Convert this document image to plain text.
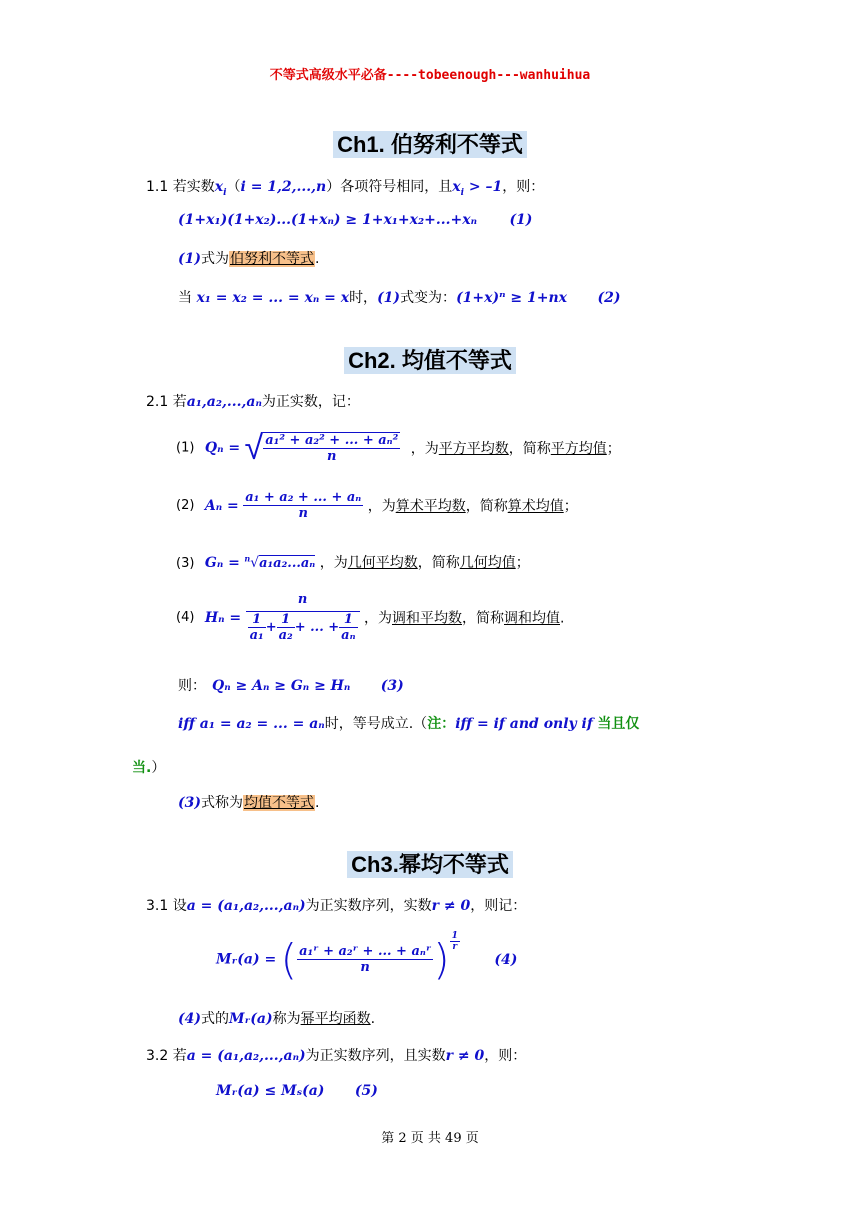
不等式高级水平必备----tobeenough---wanhuihua
Ch1. 伯努利不等式
1.1 若实数$x_i(i = 1,2,...,n)$各项符号相同，且$x_i > -1$，则：
(1+x₁)(1+x₂)...(1+xₙ) ≥ 1+x₁+x₂+...+xₙ (1)
(1)式为伯努利不等式.
当 x₁ = x₂ = ... = xₙ = x时，(1)式变为：(1+x)ⁿ ≥ 1+nx (2)
Ch2. 均值不等式
2.1 若a₁,a₂,...,aₙ为正实数，记：
(1) Qₙ = √ $\frac{\text{a₁² + a₂² + ... + aₙ²}}{n}$ ，为平方平均数，简称平方均值；
(2) $A_n = \frac{\text{a₁ + a₂ + ... + aₙ}}{n}$ ，为算术平均数，简称算术均值；
(3) Gₙ = $^n$√a₁a₂...aₙ ，为几何平均数，简称几何均值；
(4) $H_n = \frac{n}{\frac{1}{\text{a₁}} + \frac{1}{\text{a₂}} + ... + \frac{1}{\text{aₙ}}}$ ，为调和平均数，简称调和均值.
则： Qₙ ≥ Aₙ ≥ Gₙ ≥ Hₙ (3)
iff a₁ = a₂ = ... = aₙ时，等号成立.（注：iff = if and only if 当且仅
当.）
(3)式称为均值不等式.
Ch3.幂均不等式
3.1 设a = (a₁,a₂,...,aₙ)为正实数序列，实数r ≠ 0，则记：
Mᵣ(a) = ( $\frac{\text{a₁ʳ + a₂ʳ + ... + aₙʳ}}{n}$ ) $\frac{1}{r}$
(4)
(4)式的Mᵣ(a)称为幂平均函数.
3.2 若a = (a₁,a₂,...,aₙ)为正实数序列，且实数r ≠ 0，则：
Mᵣ(a) ≤ Mₛ(a) (5)
第 2 页 共 49 页
